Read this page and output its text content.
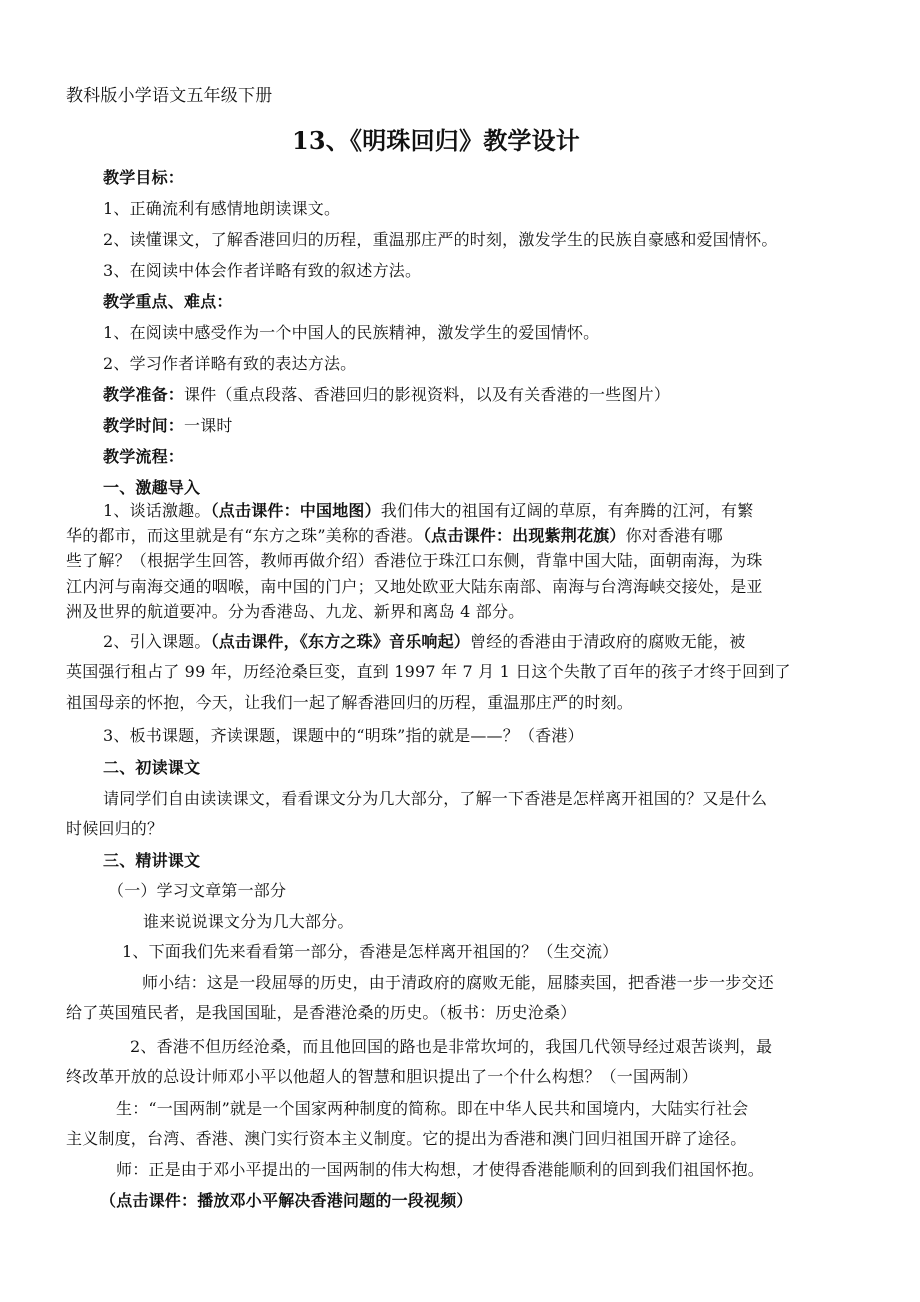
教科版小学语文五年级下册
13、《明珠回归》教学设计
教学目标：
1、正确流利有感情地朗读课文。
2、读懂课文，了解香港回归的历程，重温那庄严的时刻，激发学生的民族自豪感和爱国情怀。
3、在阅读中体会作者详略有致的叙述方法。
教学重点、难点：
1、在阅读中感受作为一个中国人的民族精神，激发学生的爱国情怀。
2、学习作者详略有致的表达方法。
教学准备：课件（重点段落、香港回归的影视资料，以及有关香港的一些图片）
教学时间：一课时
教学流程：
一、激趣导入
1、谈话激趣。（点击课件：中国地图）我们伟大的祖国有辽阔的草原，有奔腾的江河，有繁
华的都市，而这里就是有“东方之珠”美称的香港。（点击课件：出现紫荆花旗）你对香港有哪
些了解？（根据学生回答，教师再做介绍）香港位于珠江口东侧，背靠中国大陆，面朝南海，为珠
江内河与南海交通的咽喉，南中国的门户；又地处欧亚大陆东南部、南海与台湾海峡交接处，是亚
洲及世界的航道要冲。分为香港岛、九龙、新界和离岛 4 部分。
2、引入课题。（点击课件，《东方之珠》音乐响起）曾经的香港由于清政府的腐败无能，被
英国强行租占了 99 年，历经沧桑巨变，直到 1997 年 7 月 1 日这个失散了百年的孩子才终于回到了
祖国母亲的怀抱，今天，让我们一起了解香港回归的历程，重温那庄严的时刻。
3、板书课题，齐读课题，课题中的“明珠”指的就是——？（香港）
二、初读课文
请同学们自由读读课文，看看课文分为几大部分，了解一下香港是怎样离开祖国的？又是什么
时候回归的？
三、精讲课文
（一）学习文章第一部分
谁来说说课文分为几大部分。
1、下面我们先来看看第一部分，香港是怎样离开祖国的？（生交流）
师小结：这是一段屈辱的历史，由于清政府的腐败无能，屈膝卖国，把香港一步一步交还
给了英国殖民者，是我国国耻，是香港沧桑的历史。（板书：历史沧桑）
2、香港不但历经沧桑，而且他回国的路也是非常坎坷的，我国几代领导经过艰苦谈判，最
终改革开放的总设计师邓小平以他超人的智慧和胆识提出了一个什么构想？（一国两制）
生：“一国两制”就是一个国家两种制度的简称。即在中华人民共和国境内，大陆实行社会
主义制度，台湾、香港、澳门实行资本主义制度。它的提出为香港和澳门回归祖国开辟了途径。
师：正是由于邓小平提出的一国两制的伟大构想，才使得香港能顺利的回到我们祖国怀抱。
（点击课件：播放邓小平解决香港问题的一段视频）
